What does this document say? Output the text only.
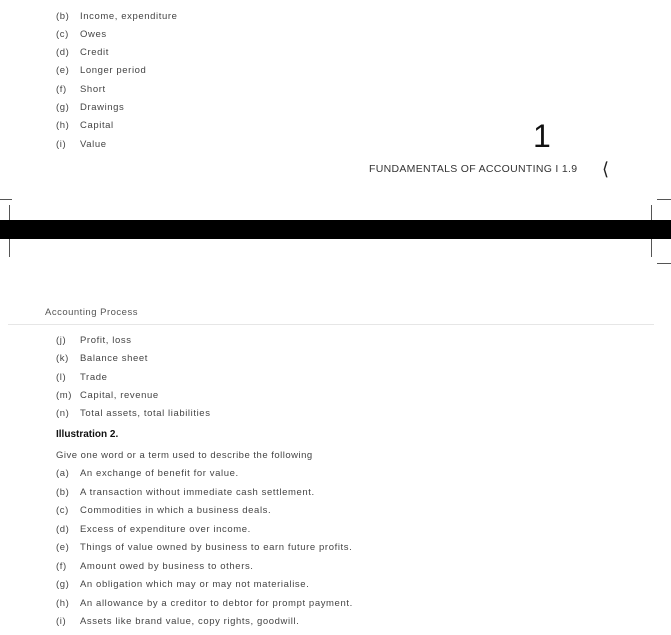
(b) Income, expenditure
(c) Owes
(d) Credit
(e) Longer period
(f) Short
(g) Drawings
(h) Capital
(i) Value	1
FUNDAMENTALS OF ACCOUNTING I 1.9 ⟨
Accounting Process
(j) Profit, loss
(k) Balance sheet
(l) Trade
(m) Capital, revenue
(n) Total assets, total liabilities
Illustration 2.
Give one word or a term used to describe the following
(a) An exchange of benefit for value.
(b) A transaction without immediate cash settlement.
(c) Commodities in which a business deals.
(d) Excess of expenditure over income.
(e) Things of value owned by business to earn future profits.
(f) Amount owed by business to others.
(g) An obligation which may or may not materialise.
(h) An allowance by a creditor to debtor for prompt payment.
(i) Assets like brand value, copy rights, goodwill.
